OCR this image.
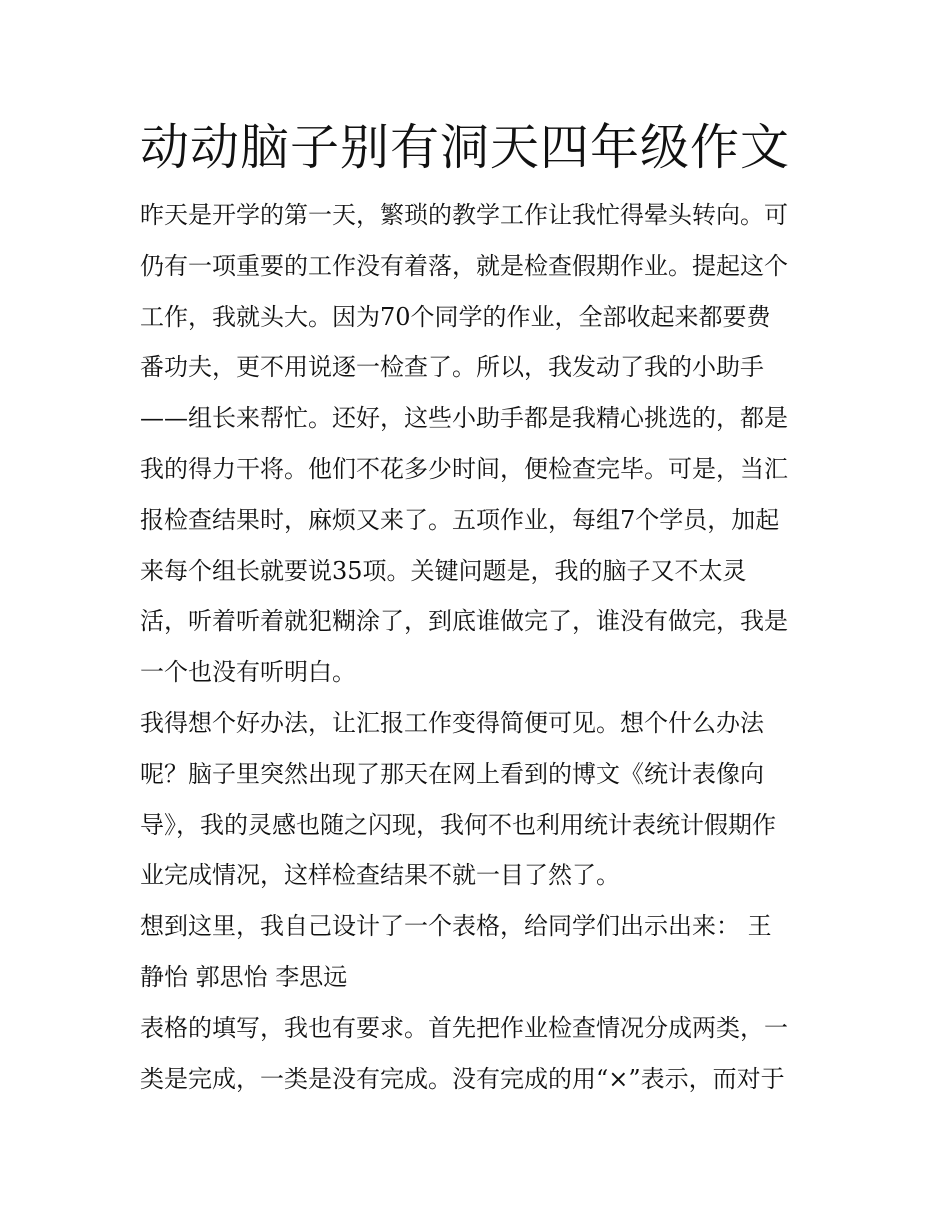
动动脑子别有洞天四年级作文
昨天是开学的第一天，繁琐的教学工作让我忙得晕头转向。可
仍有一项重要的工作没有着落，就是检查假期作业。提起这个
工作，我就头大。因为70个同学的作业，全部收起来都要费
番功夫，更不用说逐一检查了。所以，我发动了我的小助手
——组长来帮忙。还好，这些小助手都是我精心挑选的，都是
我的得力干将。他们不花多少时间，便检查完毕。可是，当汇
报检查结果时，麻烦又来了。五项作业，每组7个学员，加起
来每个组长就要说35项。关键问题是，我的脑子又不太灵
活，听着听着就犯糊涂了，到底谁做完了，谁没有做完，我是
一个也没有听明白。
我得想个好办法，让汇报工作变得简便可见。想个什么办法
呢？脑子里突然出现了那天在网上看到的博文《统计表像向
导》，我的灵感也随之闪现，我何不也利用统计表统计假期作
业完成情况，这样检查结果不就一目了然了。
想到这里，我自己设计了一个表格，给同学们出示出来： 王
静怡 郭思怡 李思远
表格的填写，我也有要求。首先把作业检查情况分成两类，一
类是完成，一类是没有完成。没有完成的用“×”表示，而对于
